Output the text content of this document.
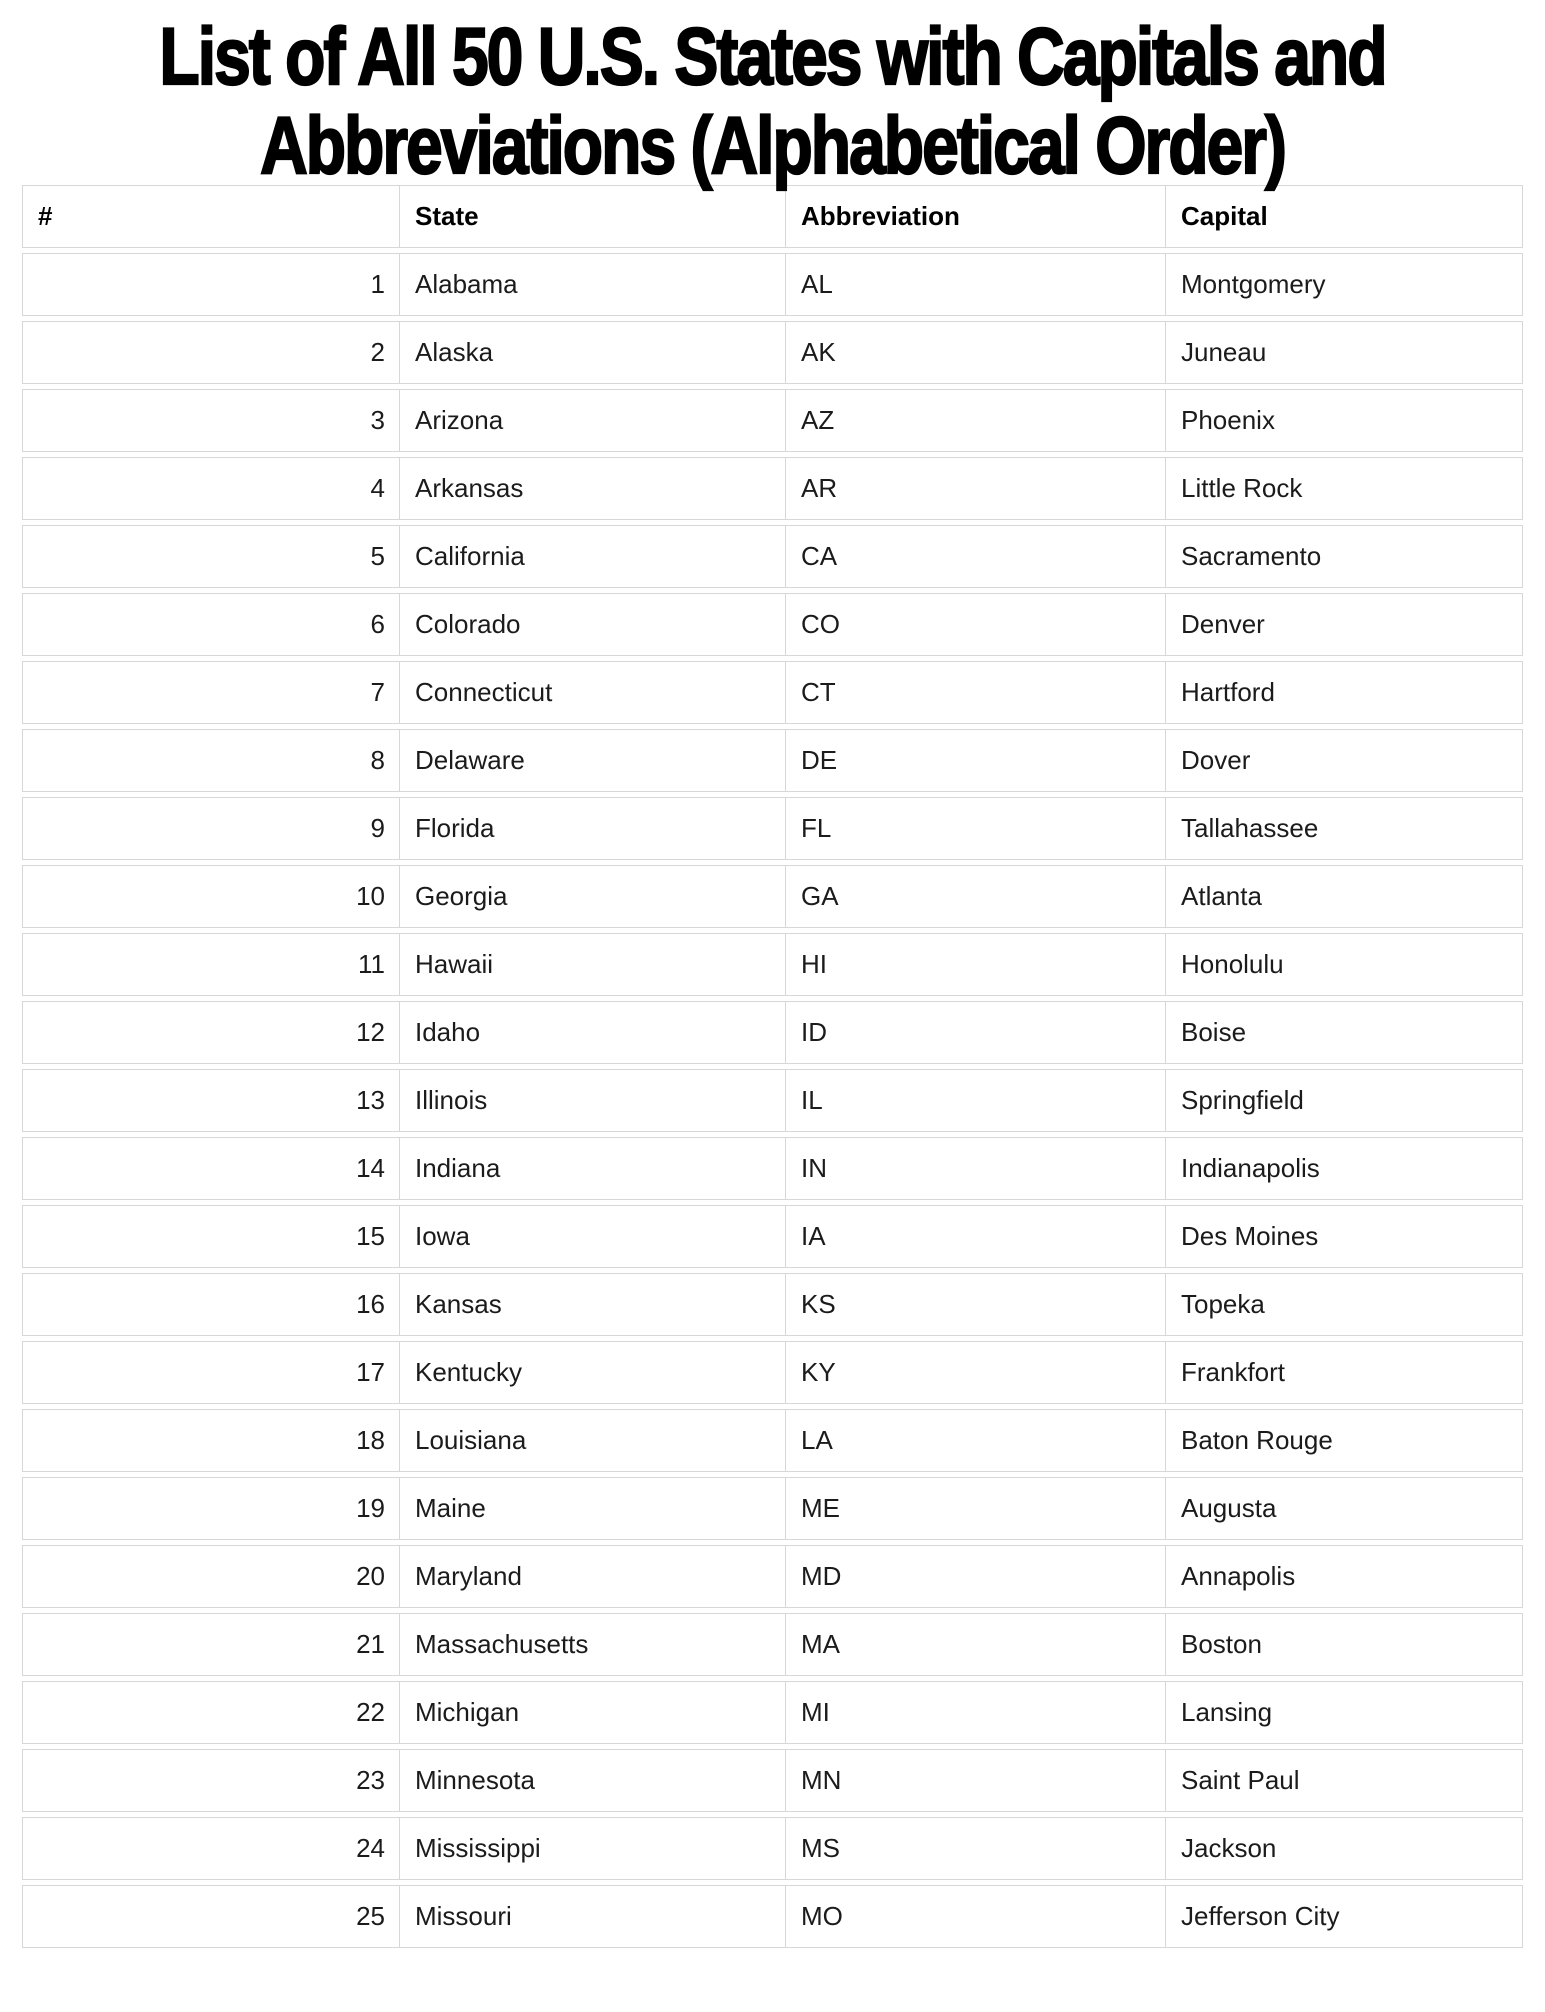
List of All 50 U.S. States with Capitals and
Abbreviations (Alphabetical Order)
#	State	Abbreviation	Capital
1	Alabama	AL	Montgomery
2	Alaska	AK	Juneau
3	Arizona	AZ	Phoenix
4	Arkansas	AR	Little Rock
5	California	CA	Sacramento
6	Colorado	CO	Denver
7	Connecticut	CT	Hartford
8	Delaware	DE	Dover
9	Florida	FL	Tallahassee
10	Georgia	GA	Atlanta
11	Hawaii	HI	Honolulu
12	Idaho	ID	Boise
13	Illinois	IL	Springfield
14	Indiana	IN	Indianapolis
15	Iowa	IA	Des Moines
16	Kansas	KS	Topeka
17	Kentucky	KY	Frankfort
18	Louisiana	LA	Baton Rouge
19	Maine	ME	Augusta
20	Maryland	MD	Annapolis
21	Massachusetts	MA	Boston
22	Michigan	MI	Lansing
23	Minnesota	MN	Saint Paul
24	Mississippi	MS	Jackson
25	Missouri	MO	Jefferson City
